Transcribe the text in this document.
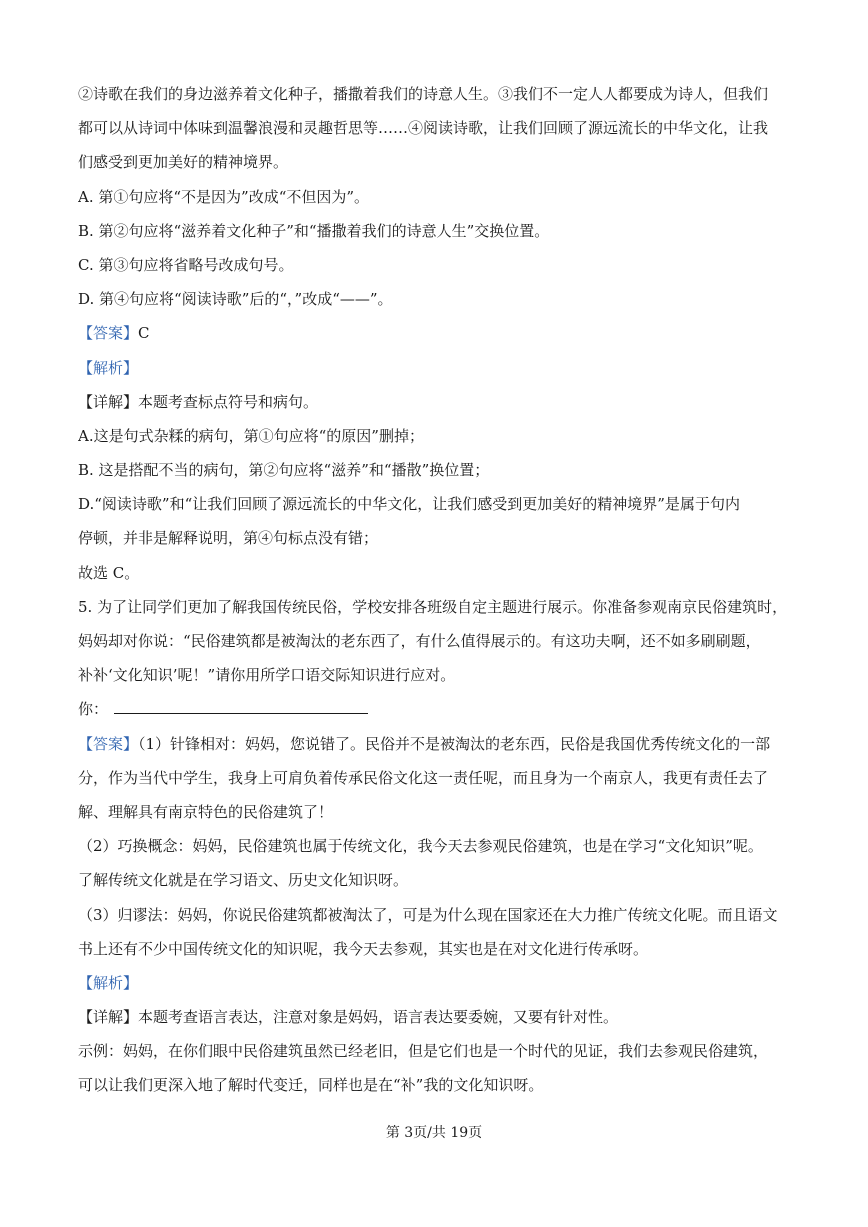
②诗歌在我们的身边滋养着文化种子，播撒着我们的诗意人生。③我们不一定人人都要成为诗人，但我们
都可以从诗词中体味到温馨浪漫和灵趣哲思等……④阅读诗歌，让我们回顾了源远流长的中华文化，让我
们感受到更加美好的精神境界。
A. 第①句应将“不是因为”改成“不但因为”。
B. 第②句应将“滋养着文化种子”和“播撒着我们的诗意人生”交换位置。
C. 第③句应将省略号改成句号。
D. 第④句应将“阅读诗歌”后的“，”改成“——”。
【答案】C
【解析】
【详解】本题考查标点符号和病句。
A.这是句式杂糅的病句，第①句应将“的原因”删掉；
B. 这是搭配不当的病句，第②句应将“滋养”和“播散”换位置；
D.“阅读诗歌”和“让我们回顾了源远流长的中华文化，让我们感受到更加美好的精神境界”是属于句内
停顿，并非是解释说明，第④句标点没有错；
故选 C。
5. 为了让同学们更加了解我国传统民俗，学校安排各班级自定主题进行展示。你准备参观南京民俗建筑时，
妈妈却对你说：“民俗建筑都是被淘汰的老东西了，有什么值得展示的。有这功夫啊，还不如多刷刷题，
补补‘文化知识’呢！”请你用所学口语交际知识进行应对。
你：
【答案】（1）针锋相对：妈妈，您说错了。民俗并不是被淘汰的老东西，民俗是我国优秀传统文化的一部
分，作为当代中学生，我身上可肩负着传承民俗文化这一责任呢，而且身为一个南京人，我更有责任去了
解、理解具有南京特色的民俗建筑了！
（2）巧换概念：妈妈，民俗建筑也属于传统文化，我今天去参观民俗建筑，也是在学习“文化知识”呢。
了解传统文化就是在学习语文、历史文化知识呀。
（3）归谬法：妈妈，你说民俗建筑都被淘汰了，可是为什么现在国家还在大力推广传统文化呢。而且语文
书上还有不少中国传统文化的知识呢，我今天去参观，其实也是在对文化进行传承呀。
【解析】
【详解】本题考查语言表达，注意对象是妈妈，语言表达要委婉，又要有针对性。
示例：妈妈，在你们眼中民俗建筑虽然已经老旧，但是它们也是一个时代的见证，我们去参观民俗建筑，
可以让我们更深入地了解时代变迁，同样也是在“补”我的文化知识呀。
第 3页/共 19页
